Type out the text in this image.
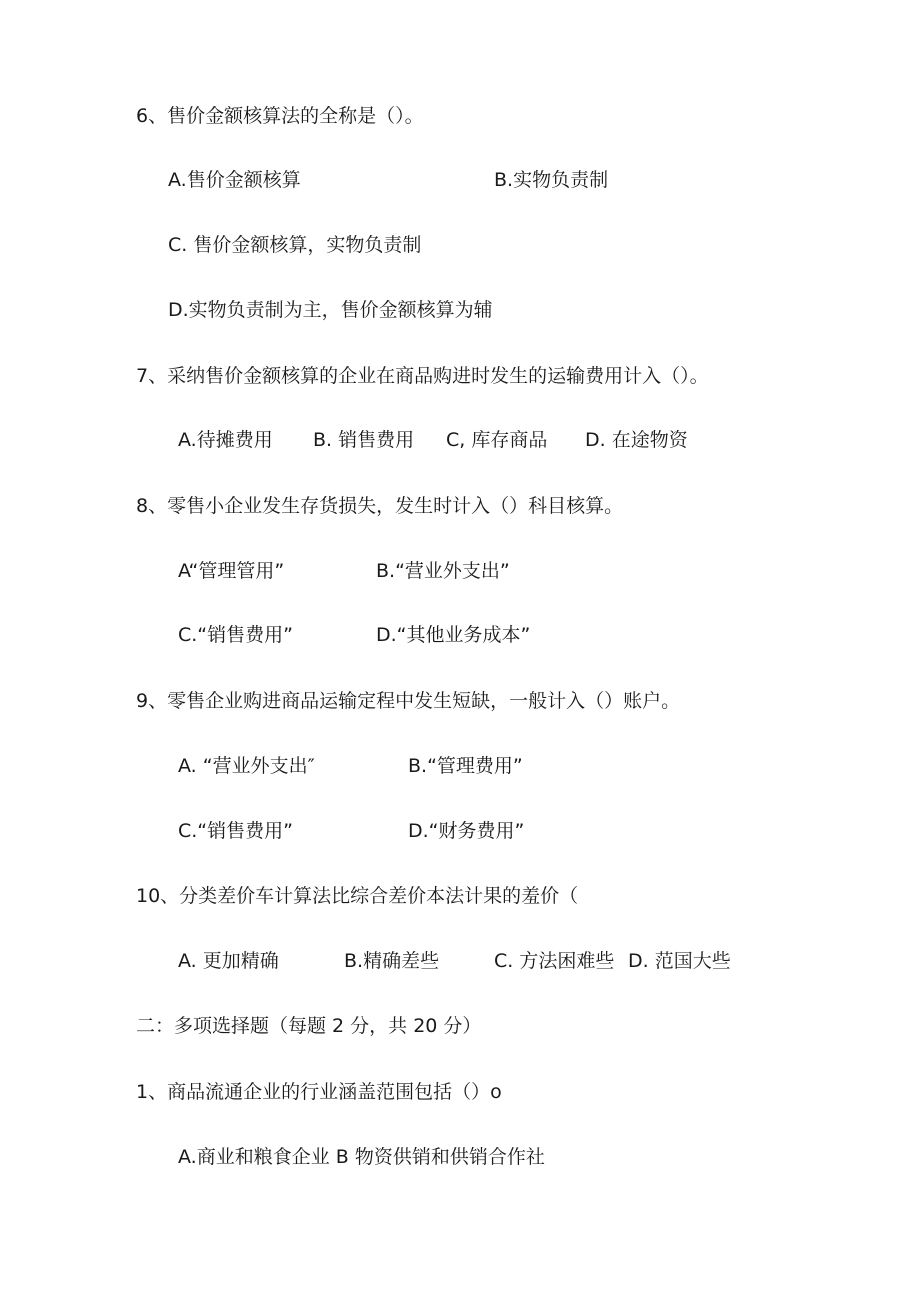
6、售价金额核算法的全称是（）。
A.售价金额核算	B.实物负责制
C. 售价金额核算，实物负责制
D.实物负责制为主，售价金额核算为辅
7、采纳售价金额核算的企业在商品购进时发生的运输费用计入（）。
A.待摊费用 B. 销售费用 C, 库存商品 D. 在途物资
8、零售小企业发生存货损失，发生时计入（）科目核算。
A“管理管用”	B.“营业外支出”
C.“销售费用”	D.“其他业务成本”
9、零售企业购进商品运输定程中发生短缺，一般计入（）账户。
A. “营业外支出″	B.“管理费用”
C.“销售费用”	D.“财务费用”
10、分类差价车计算法比综合差价本法计果的羞价（
A. 更加精确	B.精确差些	C. 方法困难些 D. 范国大些
二：多项选择题（每题 2 分，共 20 分）
1、商品流通企业的行业涵盖范围包括（）o
A.商业和粮食企业 B 物资供销和供销合作社
